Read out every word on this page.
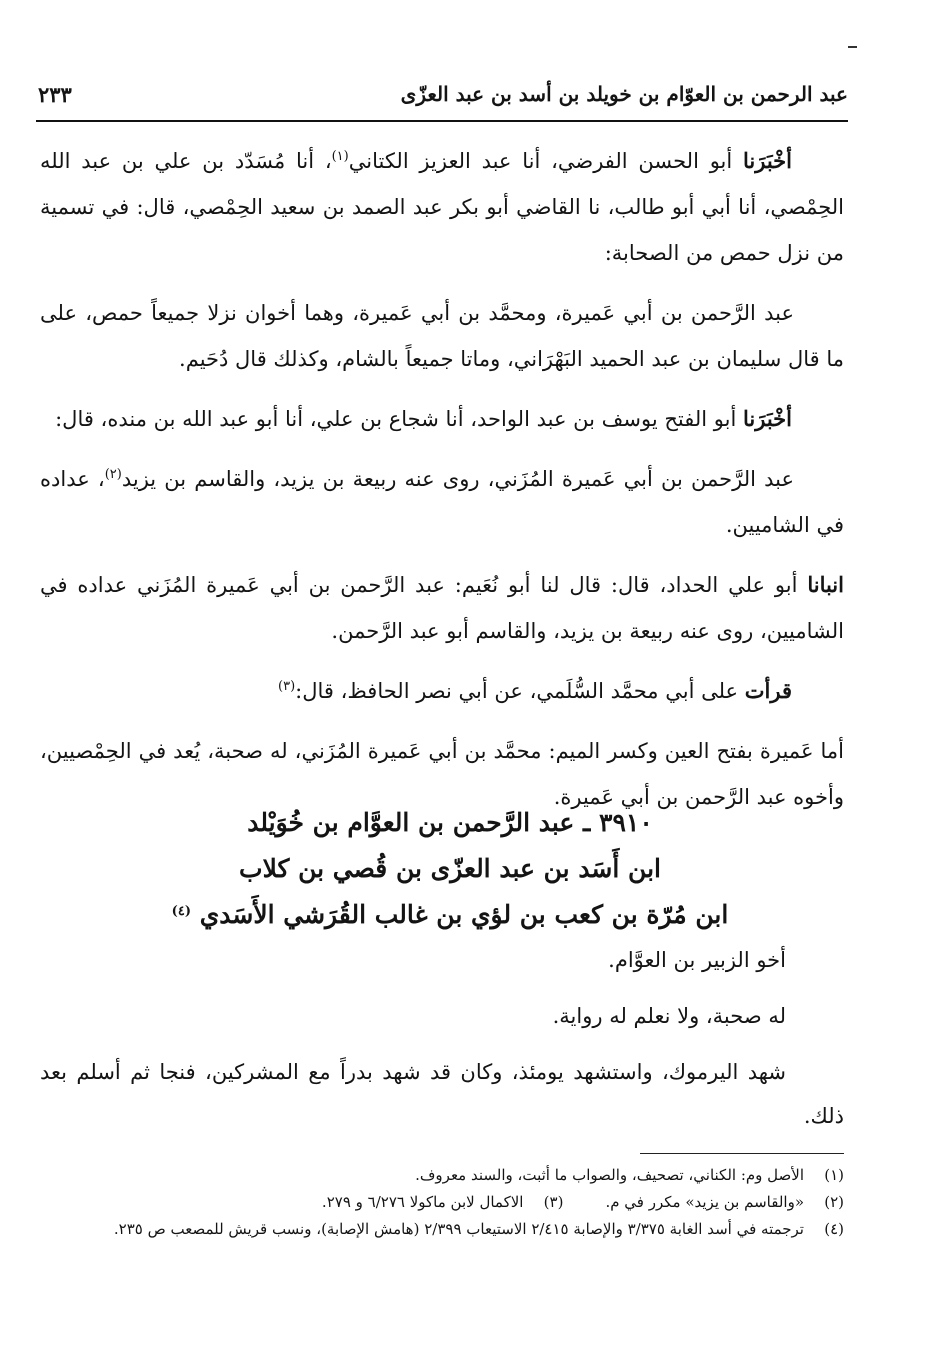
عبد الرحمن بن العوّام بن خويلد بن أسد بن عبد العزّى
٢٣٣

أخْبَرَنا أبو الحسن الفرضي، أنا عبد العزيز الكتاني$^{(١)}$، أنا مُسَدّد بن علي بن عبد الله الحِمْصي، أنا أبي أبو طالب، نا القاضي أبو بكر عبد الصمد بن سعيد الحِمْصي، قال: في تسمية من نزل حمص من الصحابة:

عبد الرَّحمن بن أبي عَميرة، ومحمَّد بن أبي عَميرة، وهما أخوان نزلا جميعاً حمص، على ما قال سليمان بن عبد الحميد البَهْرَاني، وماتا جميعاً بالشام، وكذلك قال دُحَيم.

أخْبَرَنا أبو الفتح يوسف بن عبد الواحد، أنا شجاع بن علي، أنا أبو عبد الله بن منده، قال:

عبد الرَّحمن بن أبي عَميرة المُزَني، روى عنه ربيعة بن يزيد، والقاسم بن يزيد$^{(٢)}$، عداده في الشاميين.

انبانا أبو علي الحداد، قال: قال لنا أبو نُعَيم: عبد الرَّحمن بن أبي عَميرة المُزَني عداده في الشاميين، روى عنه ربيعة بن يزيد، والقاسم أبو عبد الرَّحمن.

قرأت على أبي محمَّد السُّلَمي، عن أبي نصر الحافظ، قال:$^{(٣)}$

أما عَميرة بفتح العين وكسر الميم: محمَّد بن أبي عَميرة المُزَني، له صحبة، يُعد في الحِمْصيين، وأخوه عبد الرَّحمن بن أبي عَميرة.

٣٩١٠ ـ عبد الرَّحمن بن العوَّام بن خُوَيْلد
ابن أَسَد بن عبد العزّى بن قُصي بن كلاب
ابن مُرّة بن كعب بن لؤي بن غالب القُرَشي الأَسَدي $^{(٤)}$

أخو الزبير بن العوَّام.

له صحبة، ولا نعلم له رواية.

شهد اليرموك، واستشهد يومئذ، وكان قد شهد بدراً مع المشركين، فنجا ثم أسلم بعد ذلك.

(١)الأصل وم: الكناني، تصحيف، والصواب ما أثبت، والسند معروف.
(٢)«والقاسم بن يزيد» مكرر في م.(٣)الاكمال لابن ماكولا ٦/٢٧٦ و ٢٧٩.
(٤)ترجمته في أسد الغابة ٣/٣٧٥ والإصابة ٢/٤١٥ الاستيعاب ٢/٣٩٩ (هامش الإصابة)، ونسب قريش للمصعب ص ٢٣٥.
